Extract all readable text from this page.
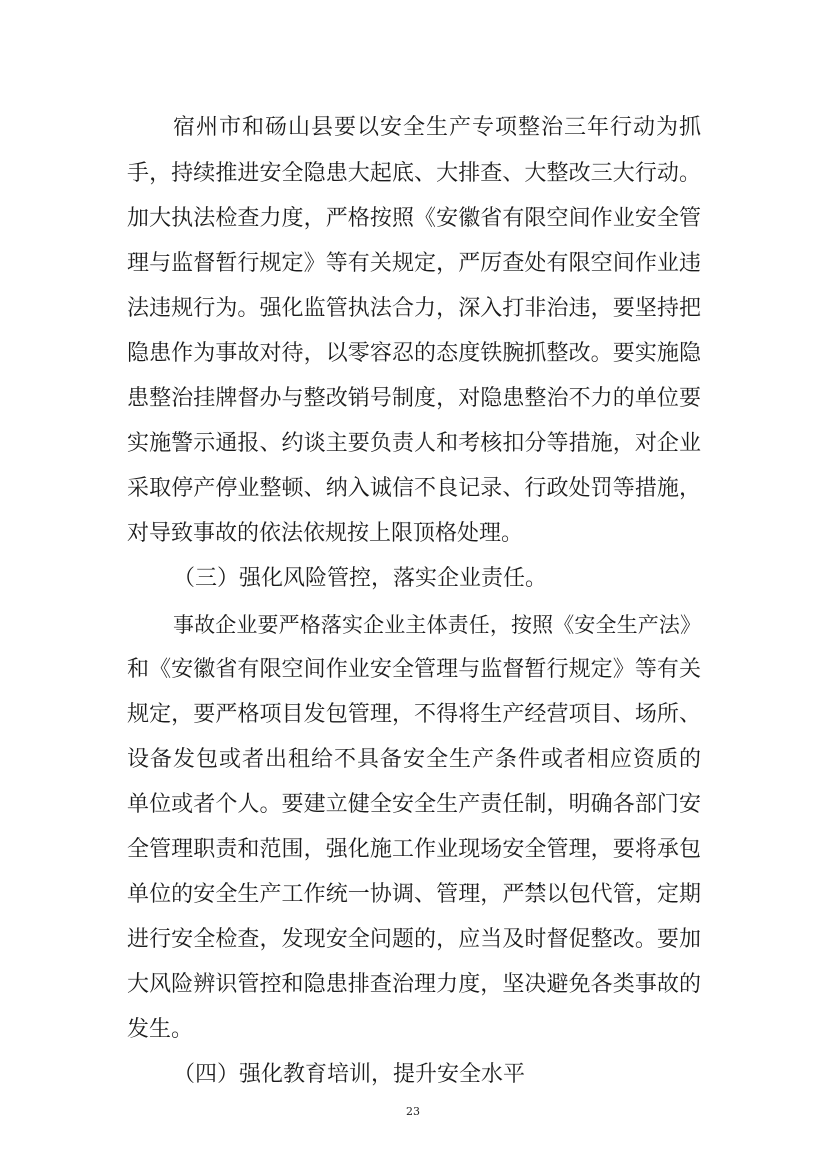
宿州市和砀山县要以安全生产专项整治三年行动为抓
手，持续推进安全隐患大起底、大排查、大整改三大行动。
加大执法检查力度，严格按照《安徽省有限空间作业安全管
理与监督暂行规定》等有关规定，严厉查处有限空间作业违
法违规行为。强化监管执法合力，深入打非治违，要坚持把
隐患作为事故对待，以零容忍的态度铁腕抓整改。要实施隐
患整治挂牌督办与整改销号制度，对隐患整治不力的单位要
实施警示通报、约谈主要负责人和考核扣分等措施，对企业
采取停产停业整顿、纳入诚信不良记录、行政处罚等措施，
对导致事故的依法依规按上限顶格处理。
（三）强化风险管控，落实企业责任。
事故企业要严格落实企业主体责任，按照《安全生产法》
和《安徽省有限空间作业安全管理与监督暂行规定》等有关
规定，要严格项目发包管理，不得将生产经营项目、场所、
设备发包或者出租给不具备安全生产条件或者相应资质的
单位或者个人。要建立健全安全生产责任制，明确各部门安
全管理职责和范围，强化施工作业现场安全管理，要将承包
单位的安全生产工作统一协调、管理，严禁以包代管，定期
进行安全检查，发现安全问题的，应当及时督促整改。要加
大风险辨识管控和隐患排查治理力度，坚决避免各类事故的
发生。
（四）强化教育培训，提升安全水平
23
